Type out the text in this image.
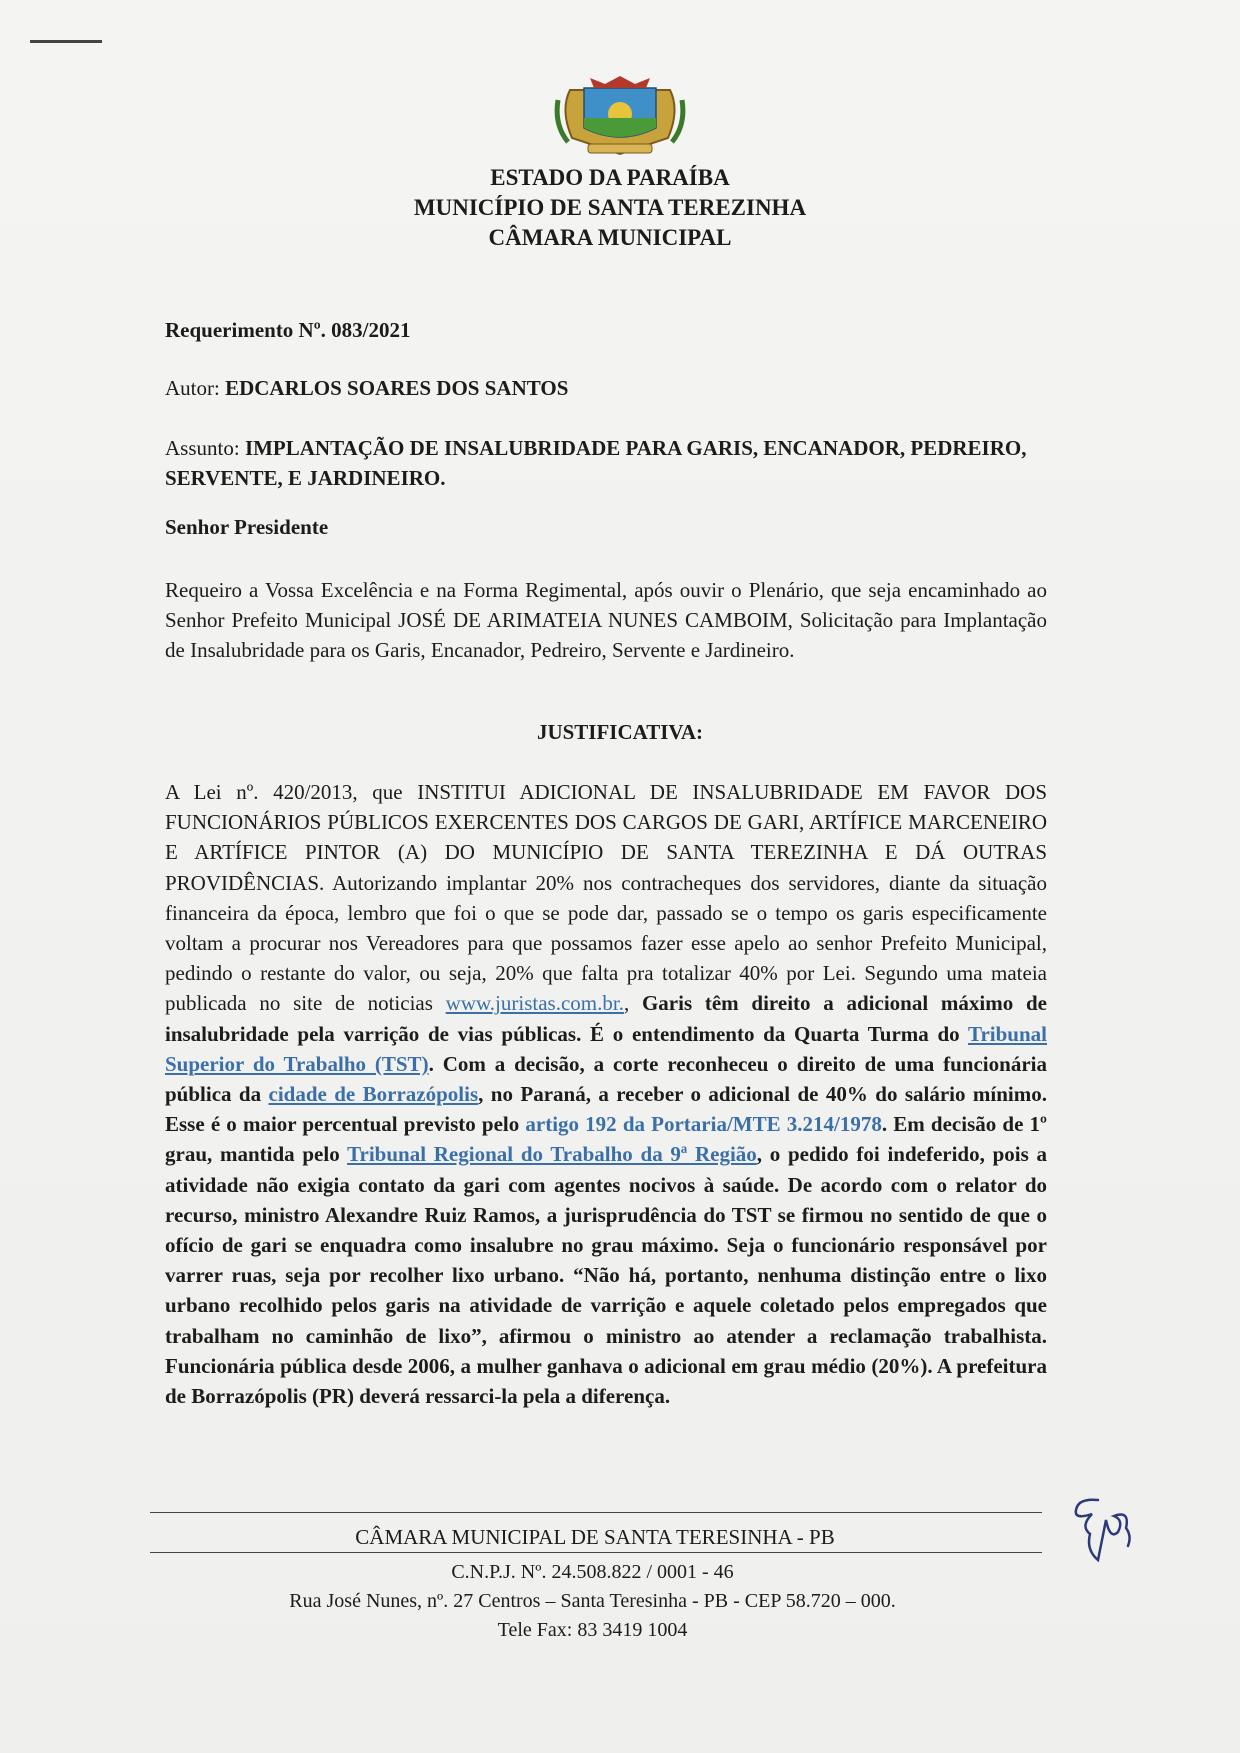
ESTADO DA PARAÍBA
MUNICÍPIO DE SANTA TEREZINHA
CÂMARA MUNICIPAL
Requerimento Nº. 083/2021
Autor: EDCARLOS SOARES DOS SANTOS
Assunto: IMPLANTAÇÃO DE INSALUBRIDADE PARA GARIS, ENCANADOR, PEDREIRO, SERVENTE, E JARDINEIRO.
Senhor Presidente
Requeiro a Vossa Excelência e na Forma Regimental, após ouvir o Plenário, que seja encaminhado ao Senhor Prefeito Municipal JOSÉ DE ARIMATEIA NUNES CAMBOIM, Solicitação para Implantação de Insalubridade para os Garis, Encanador, Pedreiro, Servente e Jardineiro.
JUSTIFICATIVA:
A Lei nº. 420/2013, que INSTITUI ADICIONAL DE INSALUBRIDADE EM FAVOR DOS FUNCIONÁRIOS PÚBLICOS EXERCENTES DOS CARGOS DE GARI, ARTÍFICE MARCENEIRO E ARTÍFICE PINTOR (A) DO MUNICÍPIO DE SANTA TEREZINHA E DÁ OUTRAS PROVIDÊNCIAS. Autorizando implantar 20% nos contracheques dos servidores, diante da situação financeira da época, lembro que foi o que se pode dar, passado se o tempo os garis especificamente voltam a procurar nos Vereadores para que possamos fazer esse apelo ao senhor Prefeito Municipal, pedindo o restante do valor, ou seja, 20% que falta pra totalizar 40% por Lei. Segundo uma mateia publicada no site de noticias www.juristas.com.br., Garis têm direito a adicional máximo de insalubridade pela varrição de vias públicas. É o entendimento da Quarta Turma do Tribunal Superior do Trabalho (TST). Com a decisão, a corte reconheceu o direito de uma funcionária pública da cidade de Borrazópolis, no Paraná, a receber o adicional de 40% do salário mínimo. Esse é o maior percentual previsto pelo artigo 192 da Portaria/MTE 3.214/1978. Em decisão de 1º grau, mantida pelo Tribunal Regional do Trabalho da 9ª Região, o pedido foi indeferido, pois a atividade não exigia contato da gari com agentes nocivos à saúde. De acordo com o relator do recurso, ministro Alexandre Ruiz Ramos, a jurisprudência do TST se firmou no sentido de que o ofício de gari se enquadra como insalubre no grau máximo. Seja o funcionário responsável por varrer ruas, seja por recolher lixo urbano. “Não há, portanto, nenhuma distinção entre o lixo urbano recolhido pelos garis na atividade de varrição e aquele coletado pelos empregados que trabalham no caminhão de lixo”, afirmou o ministro ao atender a reclamação trabalhista. Funcionária pública desde 2006, a mulher ganhava o adicional em grau médio (20%). A prefeitura de Borrazópolis (PR) deverá ressarci-la pela a diferença.
CÂMARA MUNICIPAL DE SANTA TERESINHA - PB
C.N.P.J. Nº. 24.508.822 / 0001 - 46
Rua José Nunes, nº. 27 Centros – Santa Teresinha - PB - CEP 58.720 – 000.
Tele Fax: 83 3419 1004
